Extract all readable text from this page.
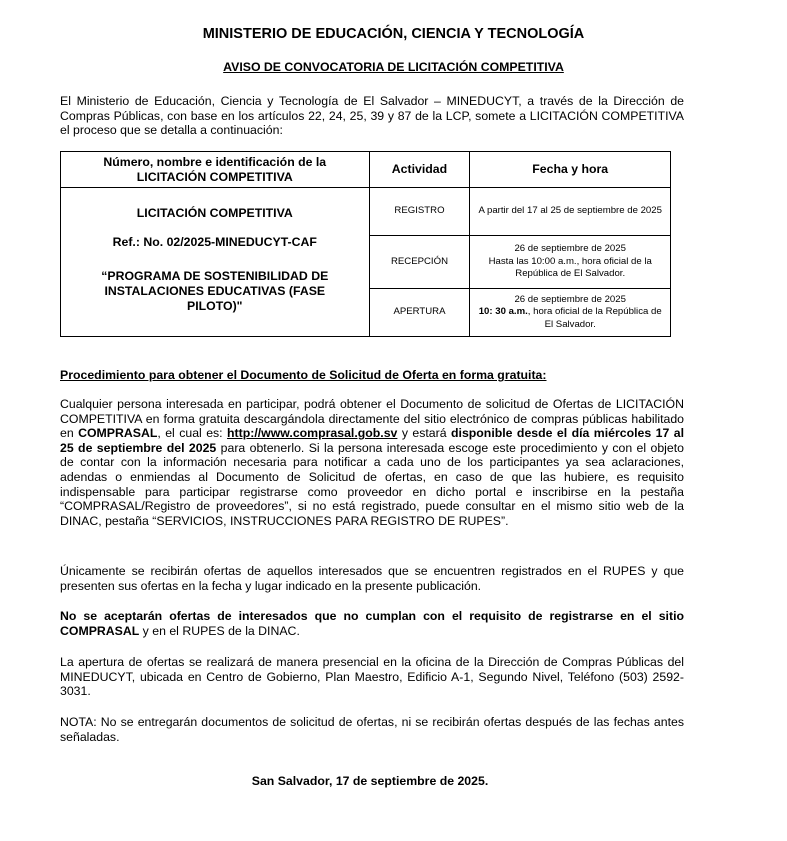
MINISTERIO DE EDUCACIÓN, CIENCIA Y TECNOLOGÍA
AVISO DE CONVOCATORIA DE LICITACIÓN COMPETITIVA
El Ministerio de Educación, Ciencia y Tecnología de El Salvador – MINEDUCYT, a través de la Dirección de Compras Públicas, con base en los artículos 22, 24, 25, 39 y 87 de la LCP, somete a LICITACIÓN COMPETITIVA el proceso que se detalla a continuación:
Número, nombre e identificación de la LICITACIÓN COMPETITIVA	Actividad	Fecha y hora

LICITACIÓN COMPETITIVA
Ref.: No. 02/2025-MINEDUCYT-CAF
“PROGRAMA DE SOSTENIBILIDAD DE INSTALACIONES EDUCATIVAS (FASE PILOTO)"	REGISTRO	A partir del 17 al 25 de septiembre de 2025
	RECEPCIÓN	26 de septiembre de 2025
Hasta las 10:00 a.m., hora oficial de la República de El Salvador.

	APERTURA	26 de septiembre de 2025
10: 30 a.m., hora oficial de la República de El Salvador.
Procedimiento para obtener el Documento de Solicitud de Oferta en forma gratuita:
Cualquier persona interesada en participar, podrá obtener el Documento de solicitud de Ofertas de LICITACIÓN COMPETITIVA en forma gratuita descargándola directamente del sitio electrónico de compras públicas habilitado en COMPRASAL, el cual es: http://www.comprasal.gob.sv y estará disponible desde el día miércoles 17 al 25 de septiembre del 2025 para obtenerlo. Si la persona interesada escoge este procedimiento y con el objeto de contar con la información necesaria para notificar a cada uno de los participantes ya sea aclaraciones, adendas o enmiendas al Documento de Solicitud de ofertas, en caso de que las hubiere, es requisito indispensable para participar registrarse como proveedor en dicho portal e inscribirse en la pestaña “COMPRASAL/Registro de proveedores”, si no está registrado, puede consultar en el mismo sitio web de la DINAC, pestaña “SERVICIOS, INSTRUCCIONES PARA REGISTRO DE RUPES”.
Únicamente se recibirán ofertas de aquellos interesados que se encuentren registrados en el RUPES y que presenten sus ofertas en la fecha y lugar indicado en la presente publicación.
No se aceptarán ofertas de interesados que no cumplan con el requisito de registrarse en el sitio COMPRASAL y en el RUPES de la DINAC.
La apertura de ofertas se realizará de manera presencial en la oficina de la Dirección de Compras Públicas del MINEDUCYT, ubicada en Centro de Gobierno, Plan Maestro, Edificio A-1, Segundo Nivel, Teléfono (503) 2592-3031.
NOTA: No se entregarán documentos de solicitud de ofertas, ni se recibirán ofertas después de las fechas antes señaladas.
San Salvador, 17 de septiembre de 2025.
